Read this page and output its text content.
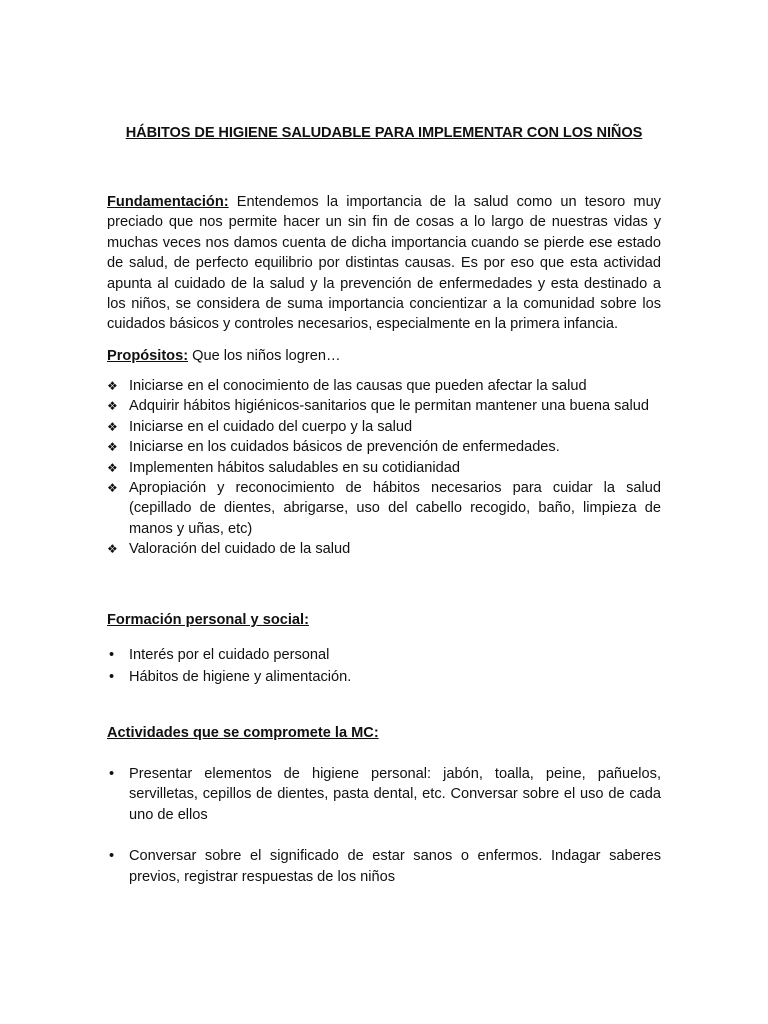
HÁBITOS DE HIGIENE SALUDABLE PARA IMPLEMENTAR CON LOS NIÑOS

Fundamentación: Entendemos la importancia de la salud como un tesoro muy preciado que nos permite hacer un sin fin de cosas a lo largo de nuestras vidas y muchas veces nos damos cuenta de dicha importancia cuando se pierde ese estado de salud, de perfecto equilibrio por distintas causas. Es por eso que esta actividad apunta al cuidado de la salud y la prevención de enfermedades y esta destinado a los niños, se considera de suma importancia concientizar a la comunidad sobre los cuidados básicos y controles necesarios, especialmente en la primera infancia.

Propósitos: Que los niños logren…

❖ Iniciarse en el conocimiento de las causas que pueden afectar la salud
❖ Adquirir hábitos higiénicos-sanitarios que le permitan mantener una buena salud
❖ Iniciarse en el cuidado del cuerpo y la salud
❖ Iniciarse en los cuidados básicos de prevención de enfermedades.
❖ Implementen hábitos saludables en su cotidianidad
❖ Apropiación y reconocimiento de hábitos necesarios para cuidar la salud (cepillado de dientes, abrigarse, uso del cabello recogido, baño, limpieza de manos y uñas, etc)
❖ Valoración del cuidado de la salud
Formación personal y social:
• Interés por el cuidado personal
• Hábitos de higiene y alimentación.
Actividades que se compromete la MC:
• Presentar elementos de higiene personal: jabón, toalla, peine, pañuelos, servilletas, cepillos de dientes, pasta dental, etc. Conversar sobre el uso de cada uno de ellos
• Conversar sobre el significado de estar sanos o enfermos. Indagar saberes previos, registrar respuestas de los niños
